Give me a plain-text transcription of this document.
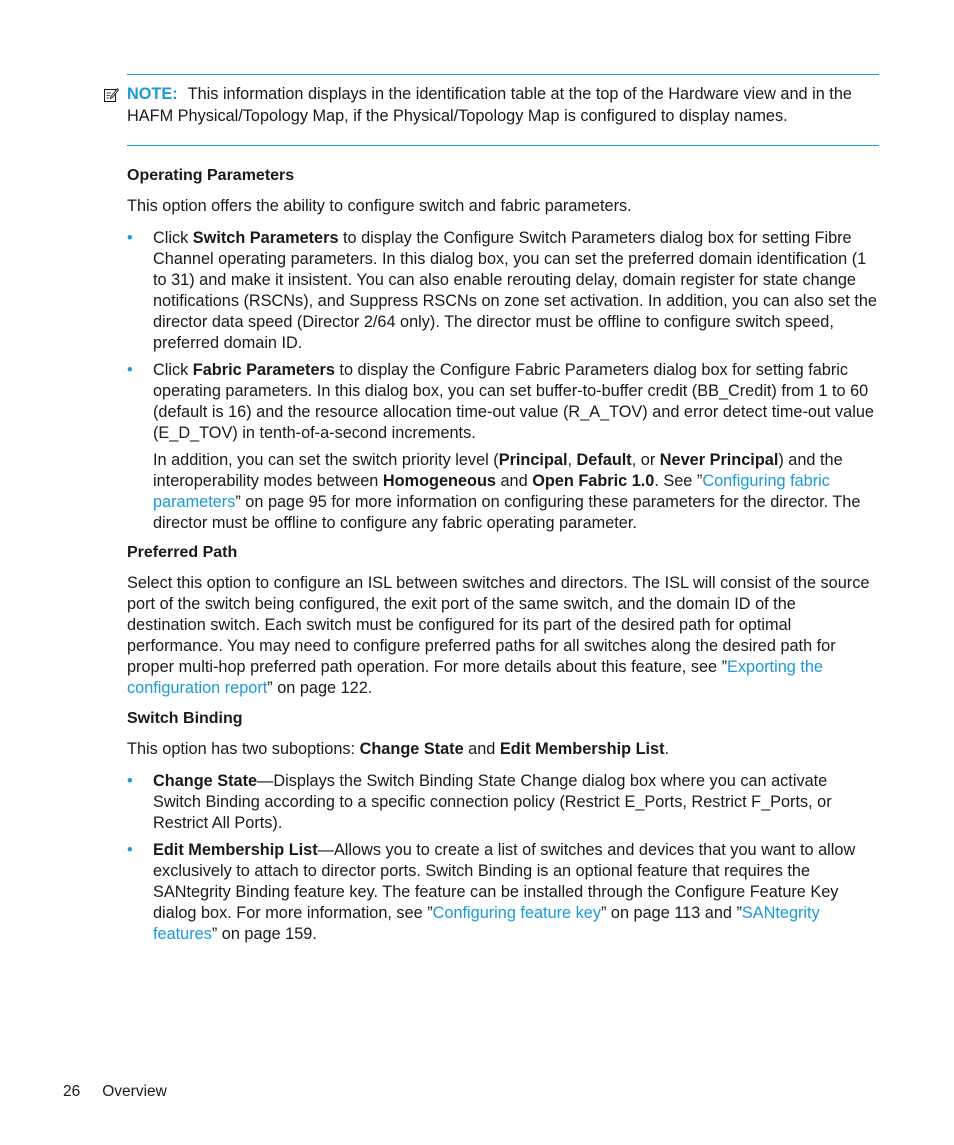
NOTE: This information displays in the identification table at the top of the Hardware view and in the HAFM Physical/Topology Map, if the Physical/Topology Map is configured to display names.
Operating Parameters

This option offers the ability to configure switch and fabric parameters.

• Click Switch Parameters to display the Configure Switch Parameters dialog box for setting Fibre Channel operating parameters. In this dialog box, you can set the preferred domain identification (1 to 31) and make it insistent. You can also enable rerouting delay, domain register for state change notifications (RSCNs), and Suppress RSCNs on zone set activation. In addition, you can also set the director data speed (Director 2/64 only). The director must be offline to configure switch speed, preferred domain ID.
• Click Fabric Parameters to display the Configure Fabric Parameters dialog box for setting fabric operating parameters. In this dialog box, you can set buffer-to-buffer credit (BB_Credit) from 1 to 60 (default is 16) and the resource allocation time-out value (R_A_TOV) and error detect time-out value (E_D_TOV) in tenth-of-a-second increments.
In addition, you can set the switch priority level (Principal, Default, or Never Principal) and the interoperability modes between Homogeneous and Open Fabric 1.0. See ”Configuring fabric parameters” on page 95 for more information on configuring these parameters for the director. The director must be offline to configure any fabric operating parameter.
Preferred Path

Select this option to configure an ISL between switches and directors. The ISL will consist of the source port of the switch being configured, the exit port of the same switch, and the domain ID of the destination switch. Each switch must be configured for its part of the desired path for optimal performance. You may need to configure preferred paths for all switches along the desired path for proper multi-hop preferred path operation. For more details about this feature, see ”Exporting the configuration report” on page 122.

Switch Binding

This option has two suboptions: Change State and Edit Membership List.

• Change State—Displays the Switch Binding State Change dialog box where you can activate Switch Binding according to a specific connection policy (Restrict E_Ports, Restrict F_Ports, or Restrict All Ports).
• Edit Membership List—Allows you to create a list of switches and devices that you want to allow exclusively to attach to director ports. Switch Binding is an optional feature that requires the SANtegrity Binding feature key. The feature can be installed through the Configure Feature Key dialog box. For more information, see ”Configuring feature key” on page 113 and ”SANtegrity features” on page 159.
26 Overview
